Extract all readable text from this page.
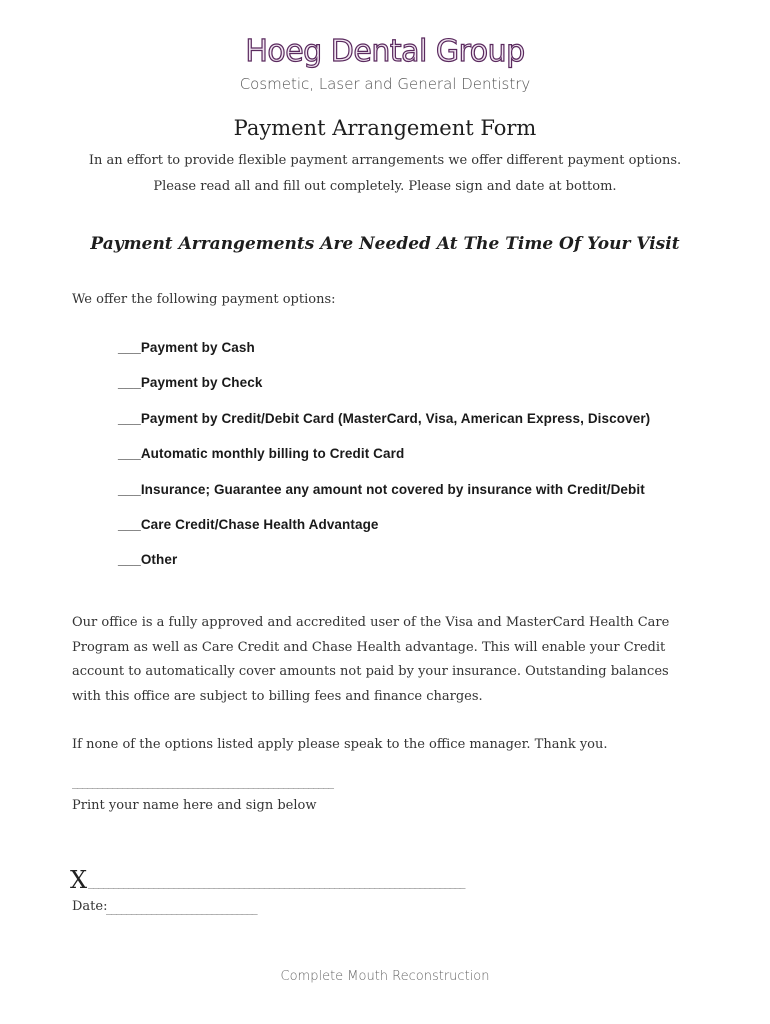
Hoeg Dental Group
Cosmetic, Laser and General Dentistry
Payment Arrangement Form
In an effort to provide flexible payment arrangements we offer different payment options. Please read all and fill out completely. Please sign and date at bottom.
Payment Arrangements Are Needed At The Time Of Your Visit
We offer the following payment options:
___Payment by Cash
___Payment by Check
___Payment by Credit/Debit Card (MasterCard, Visa, American Express, Discover)
___Automatic monthly billing to Credit Card
___Insurance; Guarantee any amount not covered by insurance with Credit/Debit
___Care Credit/Chase Health Advantage
___Other
Our office is a fully approved and accredited user of the Visa and MasterCard Health Care Program as well as Care Credit and Chase Health advantage. This will enable your Credit account to automatically cover amounts not paid by your insurance. Outstanding balances with this office are subject to billing fees and finance charges.
If none of the options listed apply please speak to the office manager. Thank you.
____________________________________________________
Print your name here and sign below
X ___________________________________________________________________________
Date:
______________________________
Complete Mouth Reconstruction
